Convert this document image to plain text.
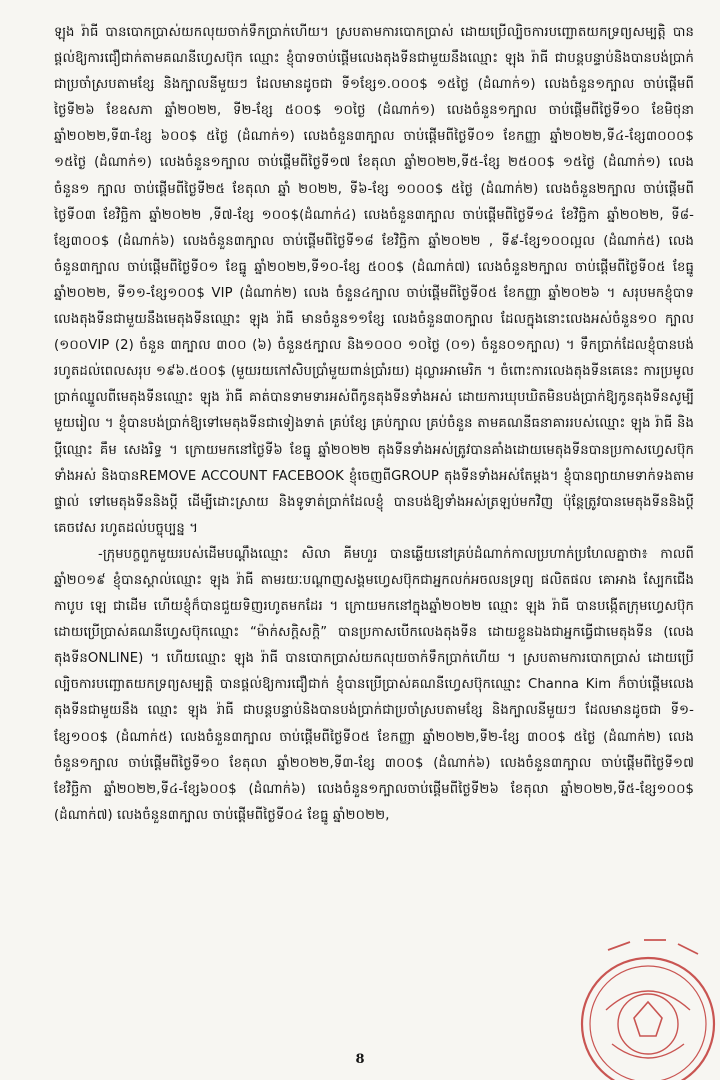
ឡុង រ៉ាធី បានបោកប្រាស់យកលុយចាក់ទឹកប្រាក់ហើយ។ ស្របតាមការបោកប្រាស់ ដោយប្រើល្បិចការបញ្ឆោតយកទ្រព្យសម្បត្តិ បានផ្តល់ឱ្យការជឿជាក់តាមគណនីហ្វេសប៊ុក ឈ្មោះ ខ្ញុំបាទចាប់ផ្តើមលេងតុងទីនជាមួយនឹងឈ្មោះ ឡុង រ៉ាធី ជាបន្តបន្ទាប់និងបានបង់ប្រាក់ជាប្រចាំស្របតាមខ្សែ និងក្បាលនីមួយៗ ដែលមានដូចជា ទី១ខ្សែ១.០០០$ ១៥ថ្ងៃ (ដំណាក់១) លេងចំនួន១ក្បាល ចាប់ផ្តើមពីថ្ងៃទី២៦ ខែឧសភា ឆ្នាំ២០២២, ទី២-ខ្សែ ៥០០$ ១០ថ្ងៃ (ដំណាក់១) លេងចំនួន១ក្បាល ចាប់ផ្តើមពីថ្ងៃទី១០ ខែមិថុនា ឆ្នាំ២០២២,ទី៣-ខ្សែ ៦០០$ ៥ថ្ងៃ (ដំណាក់១) លេងចំនួន៣ក្បាល ចាប់ផ្តើមពីថ្ងៃទី០១ ខែកញ្ញា ឆ្នាំ២០២២,ទី៤-ខ្សែ៣០០០$ ១៥ថ្ងៃ (ដំណាក់១) លេងចំនួន១ក្បាល ចាប់ផ្តើមពីថ្ងៃទី១៧ ខែតុលា ឆ្នាំ២០២២,ទី៥-ខ្សែ ២៥០០$ ១៥ថ្ងៃ (ដំណាក់១) លេងចំនួន១ ក្បាល ចាប់ផ្តើមពីថ្ងៃទី២៥ ខែតុលា ឆ្នាំ ២០២២, ទី៦-ខ្សែ ១០០០$ ៥ថ្ងៃ (ដំណាក់២) លេងចំនួន២ក្បាល ចាប់ផ្តើមពីថ្ងៃទី០៣ ខែវិច្ឆិកា ឆ្នាំ២០២២ ,ទី៧-ខ្សែ ១០០$(ដំណាក់៤) លេងចំនួន៣ក្បាល ចាប់ផ្តើមពីថ្ងៃទី១៤ ខែវិច្ឆិកា ឆ្នាំ២០២២, ទី៨-ខ្សែ៣០០$ (ដំណាក់៦) លេងចំនួន៣ក្បាល ចាប់ផ្តើមពីថ្ងៃទី១៨ ខែវិច្ឆិកា ឆ្នាំ២០២២ , ទី៩-ខ្សែ១០០ល្អល (ដំណាក់៥) លេងចំនួន៣ក្បាល ចាប់ផ្តើមពីថ្ងៃទី០១ ខែធ្នូ ឆ្នាំ២០២២,ទី១០-ខ្សែ ៥០០$ (ដំណាក់៧) លេងចំនួន២ក្បាល ចាប់ផ្តើមពីថ្ងៃទី០៥ ខែធ្នូ ឆ្នាំ២០២២, ទី១១-ខ្សែ១០០$ VIP (ដំណាក់២) លេង ចំនួន៤ក្បាល ចាប់ផ្តើមពីថ្ងៃទី០៥ ខែកញ្ញា ឆ្នាំ២០២៦ ។ សរុបមកខ្ញុំបាទលេងតុងទីនជាមួយនឹងមេតុងទីនឈ្មោះ ឡុង រ៉ាធី មានចំនួន១១ខ្សែ លេងចំនួន៣០ក្បាល ដែលក្នុងនោះលេងអស់ចំនួន១០ ក្បាល (១០០VIP (2) ចំនួន ៣ក្បាល ៣០០ (៦) ចំនួន៥ក្បាល និង១០០០ ១០ថ្ងៃ (០១) ចំនួន០១ក្បាល) ។ ទឹកប្រាក់ដែលខ្ញុំបានបង់រហូតដល់ពេលសរុប ១៩៦.៥០០$ (មួយរយកៅសិបប្រាំមួយពាន់ប្រាំរយ) ដុល្លារអាមេរិក ។ ចំពោះការលេងតុងទីនគេនេះ ការប្រមូលប្រាក់ឈ្នួលពីមេតុងទីនឈ្មោះ ឡុង រ៉ាធី គាត់បានទាមទារអស់ពីកូនតុងទីនទាំងអស់ ដោយការឃុបឃិតមិនបង់ប្រាក់ឱ្យកូនតុងទីនសូម្បីមួយរៀល ។ ខ្ញុំបានបង់ប្រាក់ឱ្យទៅមេតុងទីនជាទៀងទាត់ គ្រប់ខ្សែ គ្រប់ក្បាល គ្រប់ចំនួន តាមគណនីធនាគាររបស់ឈ្មោះ ឡុង រ៉ាធី និង ប្តីឈ្មោះ គឹម សេងរិទ្ធ ។ ក្រោយមកនៅថ្ងៃទី៦ ខែធ្នូ ឆ្នាំ២០២២ តុងទីនទាំងអស់ត្រូវបានគាំងដោយមេតុងទីនបានប្រកាសហ្វេសប៊ុកទាំងអស់ និងបានREMOVE ACCOUNT FACEBOOK ខ្ញុំចេញពីGROUP តុងទីនទាំងអស់តែម្តង។ ខ្ញុំបានព្យាយាមទាក់ទងតាមផ្ទាល់ ទៅមេតុងទីននិងប្តី ដើម្បីដោះស្រាយ និងទូទាត់ប្រាក់ដែលខ្ញុំ បានបង់ឱ្យទាំងអស់ត្រឡប់មកវិញ ប៉ុន្តែត្រូវបានមេតុងទីននិងប្តីគេចវេស រហូតដល់បច្ចុប្បន្ន ។

-ក្រុមបក្ខពួកមួយរបស់ដើមបណ្តឹងឈ្មោះ សិលា គីមហួរ បានឆ្លើយនៅគ្រប់ដំណាក់កាលប្រហាក់ប្រហែលគ្នាថា៖ កាលពីឆ្នាំ២០១៩ ខ្ញុំបានស្គាល់ឈ្មោះ ឡុង រ៉ាធី តាមរយៈបណ្តាញសង្គមហ្វេសប៊ុកជាអ្នកលក់អចលនទ្រព្យ ផលិតផល គោអាង ស្បែកជើង កាបូប ឡេ ជាដើម ហើយខ្ញុំក៏បានជួយទិញរហូតមកដែរ ។ ក្រោយមកនៅក្នុងឆ្នាំ២០២២ ឈ្មោះ ឡុង រ៉ាធី បានបង្កើតក្រុមហ្វេសប៊ុក ដោយប្រើប្រាស់គណនីហ្វេសប៊ុកឈ្មោះ “ម៉ាក់សក្តិសក្តិ” បានប្រកាសបើកលេងតុងទីន ដោយខ្លួនឯងជាអ្នកធ្វើជាមេតុងទីន (លេងតុងទីនONLINE) ។ ហើយឈ្មោះ ឡុង រ៉ាធី បានបោកប្រាស់យកលុយចាក់ទឹកប្រាក់ហើយ ។ ស្របតាមការបោកប្រាស់ ដោយប្រើល្បិចការបញ្ឆោតយកទ្រព្យសម្បត្តិ បានផ្តល់ឱ្យការជឿជាក់ ខ្ញុំបានប្រើប្រាស់គណនីហ្វេសប៊ុកឈ្មោះ Channa Kim ក៏ចាប់ផ្តើមលេងតុងទីនជាមួយនឹង ឈ្មោះ ឡុង រ៉ាធី ជាបន្តបន្ទាប់និងបានបង់ប្រាក់ជាប្រចាំស្របតាមខ្សែ និងក្បាលនីមួយៗ ដែលមានដូចជា ទី១-ខ្សែ១០០$ (ដំណាក់៥) លេងចំនួន៣ក្បាល ចាប់ផ្តើមពីថ្ងៃទី០៥ ខែកញ្ញា ឆ្នាំ២០២២,ទី២-ខ្សែ ៣០០$ ៥ថ្ងៃ (ដំណាក់២) លេងចំនួន១ក្បាល ចាប់ផ្តើមពីថ្ងៃទី១០ ខែតុលា ឆ្នាំ២០២២,ទី៣-ខ្សែ ៣០០$ (ដំណាក់៦) លេងចំនួន៣ក្បាល ចាប់ផ្តើមពីថ្ងៃទី១៧ ខែវិច្ឆិកា ឆ្នាំ២០២២,ទី៤-ខ្សែ៦០០$ (ដំណាក់៦) លេងចំនួន១ក្បាលចាប់ផ្តើមពីថ្ងៃទី២៦ ខែតុលា ឆ្នាំ២០២២,ទី៥-ខ្សែ១០០$ (ដំណាក់៧) លេងចំនួន៣ក្បាល ចាប់ផ្តើមពីថ្ងៃទី០៤ ខែធ្នូ ឆ្នាំ២០២២,

8
